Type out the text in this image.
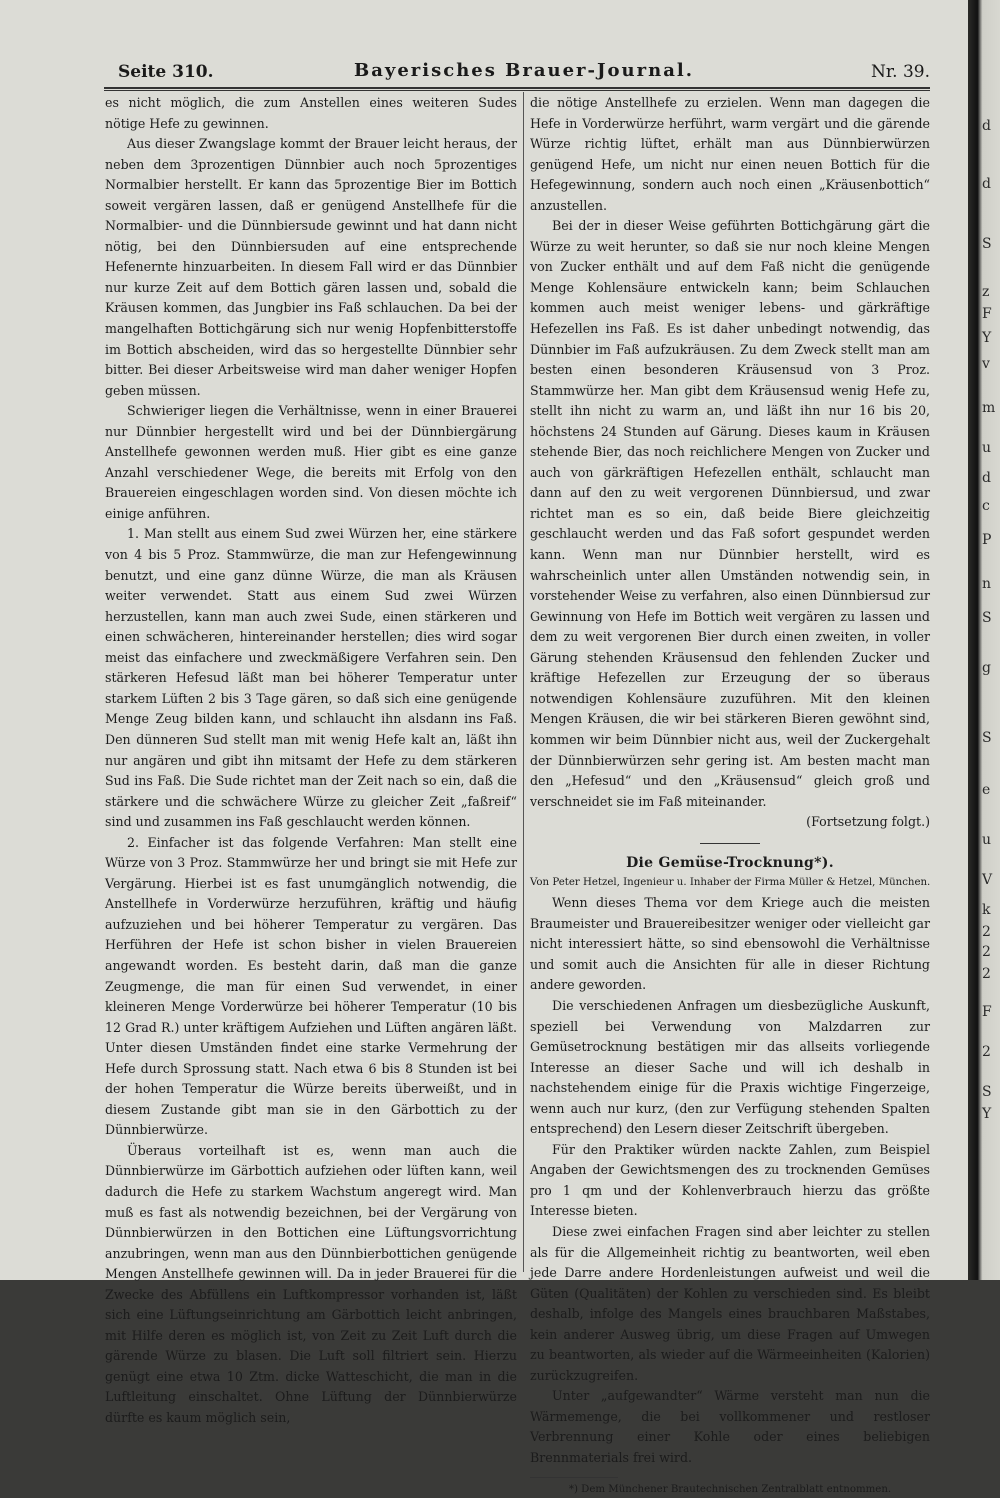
Seite 310.	Bayerisches Brauer-Journal.	Nr. 39.

es nicht möglich, die zum Anstellen eines weiteren Sudes nötige Hefe zu gewinnen.

Aus dieser Zwangslage kommt der Brauer leicht heraus, der neben dem 3prozentigen Dünnbier auch noch 5prozentiges Normalbier herstellt. Er kann das 5prozentige Bier im Bottich soweit vergären lassen, daß er genügend Anstellhefe für die Normalbier- und die Dünnbiersude gewinnt und hat dann nicht nötig, bei den Dünnbiersuden auf eine entsprechende Hefenernte hinzuarbeiten. In diesem Fall wird er das Dünnbier nur kurze Zeit auf dem Bottich gären lassen und, sobald die Kräusen kommen, das Jungbier ins Faß schlauchen. Da bei der mangelhaften Bottichgärung sich nur wenig Hopfenbitterstoffe im Bottich abscheiden, wird das so hergestellte Dünnbier sehr bitter. Bei dieser Arbeitsweise wird man daher weniger Hopfen geben müssen.

Schwieriger liegen die Verhältnisse, wenn in einer Brauerei nur Dünnbier hergestellt wird und bei der Dünnbiergärung Anstellhefe gewonnen werden muß. Hier gibt es eine ganze Anzahl verschiedener Wege, die bereits mit Erfolg von den Brauereien eingeschlagen worden sind. Von diesen möchte ich einige anführen.

1. Man stellt aus einem Sud zwei Würzen her, eine stärkere von 4 bis 5 Proz. Stammwürze, die man zur Hefengewinnung benutzt, und eine ganz dünne Würze, die man als Kräusen weiter verwendet. Statt aus einem Sud zwei Würzen herzustellen, kann man auch zwei Sude, einen stärkeren und einen schwächeren, hintereinander herstellen; dies wird sogar meist das einfachere und zweckmäßigere Verfahren sein. Den stärkeren Hefesud läßt man bei höherer Temperatur unter starkem Lüften 2 bis 3 Tage gären, so daß sich eine genügende Menge Zeug bilden kann, und schlaucht ihn alsdann ins Faß. Den dünneren Sud stellt man mit wenig Hefe kalt an, läßt ihn nur angären und gibt ihn mitsamt der Hefe zu dem stärkeren Sud ins Faß. Die Sude richtet man der Zeit nach so ein, daß die stärkere und die schwächere Würze zu gleicher Zeit „faßreif“ sind und zusammen ins Faß geschlaucht werden können.

2. Einfacher ist das folgende Verfahren: Man stellt eine Würze von 3 Proz. Stammwürze her und bringt sie mit Hefe zur Vergärung. Hierbei ist es fast unumgänglich notwendig, die Anstellhefe in Vorderwürze herzuführen, kräftig und häufig aufzuziehen und bei höherer Temperatur zu vergären. Das Herführen der Hefe ist schon bisher in vielen Brauereien angewandt worden. Es besteht darin, daß man die ganze Zeugmenge, die man für einen Sud verwendet, in einer kleineren Menge Vorderwürze bei höherer Temperatur (10 bis 12 Grad R.) unter kräftigem Aufziehen und Lüften angären läßt. Unter diesen Umständen findet eine starke Vermehrung der Hefe durch Sprossung statt. Nach etwa 6 bis 8 Stunden ist bei der hohen Temperatur die Würze bereits überweißt, und in diesem Zustande gibt man sie in den Gärbottich zu der Dünnbierwürze.

Überaus vorteilhaft ist es, wenn man auch die Dünnbierwürze im Gärbottich aufziehen oder lüften kann, weil dadurch die Hefe zu starkem Wachstum angeregt wird. Man muß es fast als notwendig bezeichnen, bei der Vergärung von Dünnbierwürzen in den Bottichen eine Lüftungsvorrichtung anzubringen, wenn man aus den Dünnbierbottichen genügende Mengen Anstellhefe gewinnen will. Da in jeder Brauerei für die Zwecke des Abfüllens ein Luftkompressor vorhanden ist, läßt sich eine Lüftungseinrichtung am Gärbottich leicht anbringen, mit Hilfe deren es möglich ist, von Zeit zu Zeit Luft durch die gärende Würze zu blasen. Die Luft soll filtriert sein. Hierzu genügt eine etwa 10 Ztm. dicke Watteschicht, die man in die Luftleitung einschaltet. Ohne Lüftung der Dünnbierwürze dürfte es kaum möglich sein,

die nötige Anstellhefe zu erzielen. Wenn man dagegen die Hefe in Vorderwürze herführt, warm vergärt und die gärende Würze richtig lüftet, erhält man aus Dünnbierwürzen genügend Hefe, um nicht nur einen neuen Bottich für die Hefegewinnung, sondern auch noch einen „Kräusenbottich“ anzustellen.

Bei der in dieser Weise geführten Bottichgärung gärt die Würze zu weit herunter, so daß sie nur noch kleine Mengen von Zucker enthält und auf dem Faß nicht die genügende Menge Kohlensäure entwickeln kann; beim Schlauchen kommen auch meist weniger lebens- und gärkräftige Hefezellen ins Faß. Es ist daher unbedingt notwendig, das Dünnbier im Faß aufzukräusen. Zu dem Zweck stellt man am besten einen besonderen Kräusensud von 3 Proz. Stammwürze her. Man gibt dem Kräusensud wenig Hefe zu, stellt ihn nicht zu warm an, und läßt ihn nur 16 bis 20, höchstens 24 Stunden auf Gärung. Dieses kaum in Kräusen stehende Bier, das noch reichlichere Mengen von Zucker und auch von gärkräftigen Hefezellen enthält, schlaucht man dann auf den zu weit vergorenen Dünnbiersud, und zwar richtet man es so ein, daß beide Biere gleichzeitig geschlaucht werden und das Faß sofort gespundet werden kann. Wenn man nur Dünnbier herstellt, wird es wahrscheinlich unter allen Umständen notwendig sein, in vorstehender Weise zu verfahren, also einen Dünnbiersud zur Gewinnung von Hefe im Bottich weit vergären zu lassen und dem zu weit vergorenen Bier durch einen zweiten, in voller Gärung stehenden Kräusensud den fehlenden Zucker und kräftige Hefezellen zur Erzeugung der so überaus notwendigen Kohlensäure zuzuführen. Mit den kleinen Mengen Kräusen, die wir bei stärkeren Bieren gewöhnt sind, kommen wir beim Dünnbier nicht aus, weil der Zuckergehalt der Dünnbierwürzen sehr gering ist. Am besten macht man den „Hefesud“ und den „Kräusensud“ gleich groß und verschneidet sie im Faß miteinander.

(Fortsetzung folgt.)

Die Gemüse-Trocknung*).
Von Peter Hetzel, Ingenieur u. Inhaber der Firma Müller & Hetzel, München.

Wenn dieses Thema vor dem Kriege auch die meisten Braumeister und Brauereibesitzer weniger oder vielleicht gar nicht interessiert hätte, so sind ebensowohl die Verhältnisse und somit auch die Ansichten für alle in dieser Richtung andere geworden.

Die verschiedenen Anfragen um diesbezügliche Auskunft, speziell bei Verwendung von Malzdarren zur Gemüsetrocknung bestätigen mir das allseits vorliegende Interesse an dieser Sache und will ich deshalb in nachstehendem einige für die Praxis wichtige Fingerzeige, wenn auch nur kurz, (den zur Verfügung stehenden Spalten entsprechend) den Lesern dieser Zeitschrift übergeben.

Für den Praktiker würden nackte Zahlen, zum Beispiel Angaben der Gewichtsmengen des zu trocknenden Gemüses pro 1 qm und der Kohlenverbrauch hierzu das größte Interesse bieten.

Diese zwei einfachen Fragen sind aber leichter zu stellen als für die Allgemeinheit richtig zu beantworten, weil eben jede Darre andere Hordenleistungen aufweist und weil die Güten (Qualitäten) der Kohlen zu verschieden sind. Es bleibt deshalb, infolge des Mangels eines brauchbaren Maßstabes, kein anderer Ausweg übrig, um diese Fragen auf Umwegen zu beantworten, als wieder auf die Wärmeeinheiten (Kalorien) zurückzugreifen.

Unter „aufgewandter“ Wärme versteht man nun die Wärmemenge, die bei vollkommener und restloser Verbrennung einer Kohle oder eines beliebigen Brennmaterials frei wird.

*) Dem Münchener Brautechnischen Zentralblatt entnommen.
d
d
S
z
F
Y
v
m
u
d
c
P
n
S
g
S
e
u
V
k
2
2
2
F
2
S
Y
